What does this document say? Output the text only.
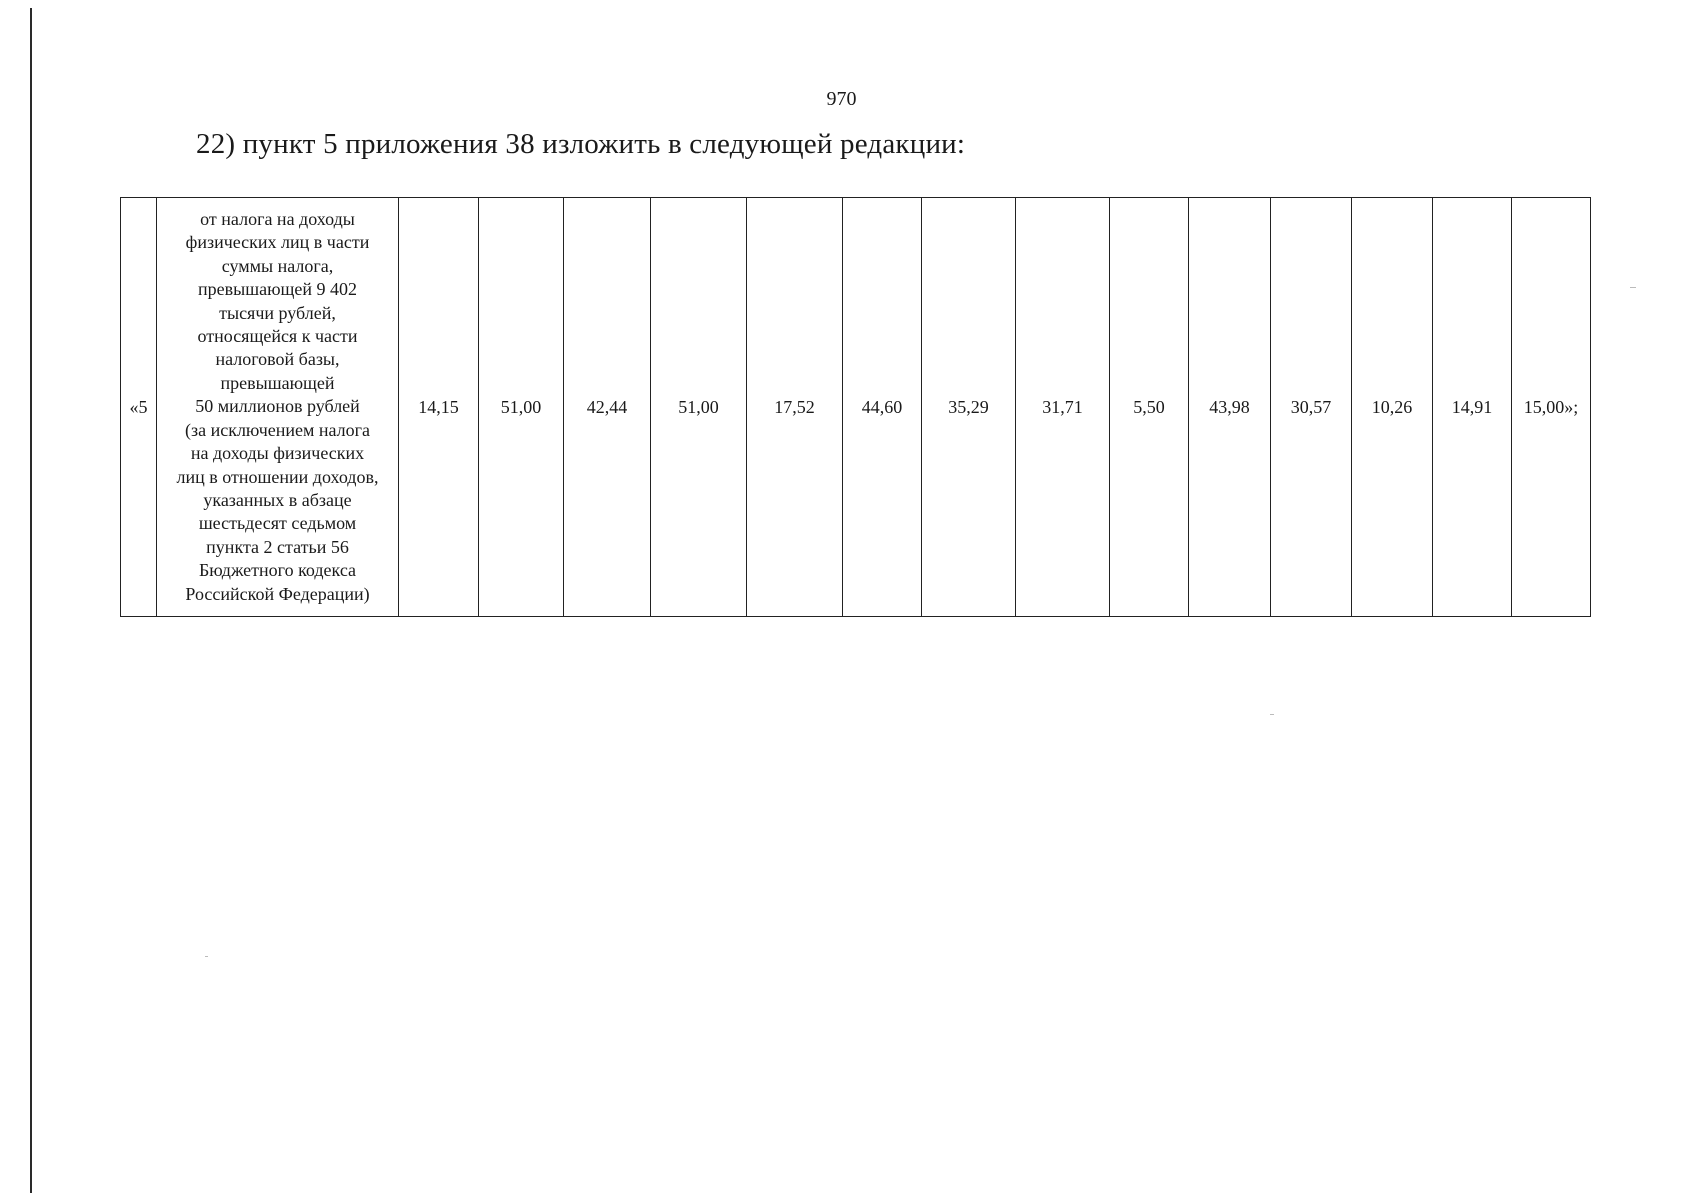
970
22) пункт 5 приложения 38 изложить в следующей редакции:
«5	
от налога на доходы
физических лиц в части
суммы налога,
превышающей 9 402
тысячи рублей,
относящейся к части
налоговой базы,
превышающей
50 миллионов рублей
(за исключением налога
на доходы физических
лиц в отношении доходов,
указанных в абзаце
шестьдесят седьмом
пункта 2 статьи 56
Бюджетного кодекса
Российской Федерации)
	14,15	51,00	42,44	51,00	17,52	44,60	35,29	31,71	5,50	43,98	30,57	10,26	14,91	15,00»;
